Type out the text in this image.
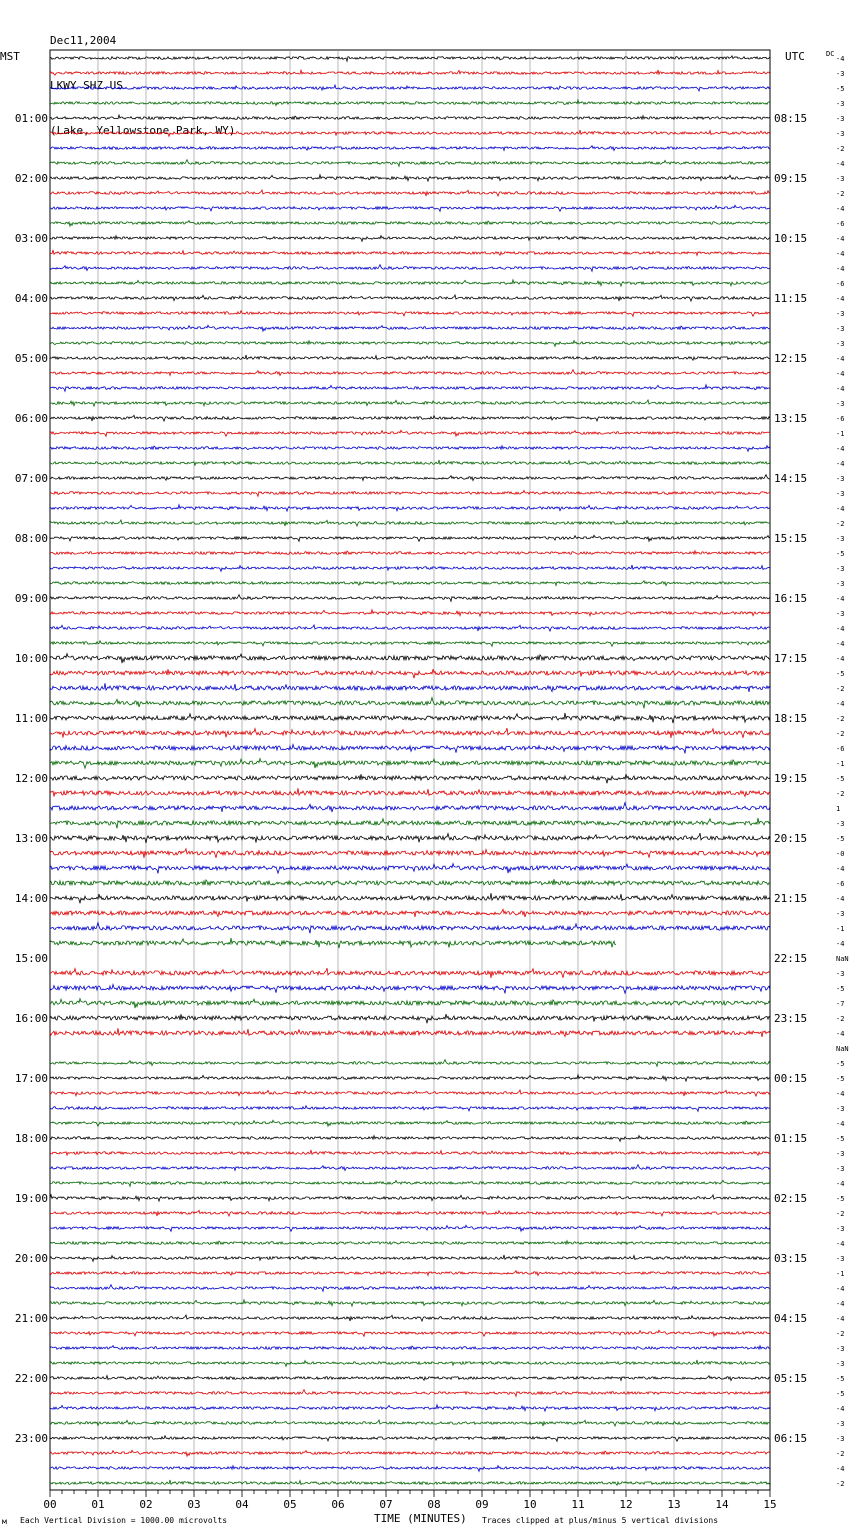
Dec11,2004

LKWY SHZ US

(Lake, Yellowstone Park, WY)

MST	UTC	DC
-4
-3
-5
-3
-3
-3
-2
-4
-3
-2
-4
-6
-4
-4
-4
-6
-4
-3
-3
-3
-4
-4
-4
-3
-6
-1
-4
-4
-3
-3
-4
-2
-3
-5
-3
-3
-4
-3
-4
-4
-4
-5
-2
-4
-2
-2
-6
-1
-5
-2
1
-3
-5
-0
-4
-6
-4
-3
-1
-4
NaN
-3
-5
-7
-2
-4
NaN
-5
-5
-4
-3
-4
-5
-3
-3
-4
-5
-2
-3
-4
-3
-1
-4
-4
-4
-2
-3
-3
-5
-5
-4
-3
-3
-2
-4
-2
01:00
02:00
03:00
04:00
05:00
06:00
07:00
08:00
09:00
10:00
11:00
12:00
13:00
14:00
15:00
16:00
17:00
18:00
19:00
20:00
21:00
22:00
23:00
08:15
09:15
10:15
11:15
12:15
13:15
14:15
15:15
16:15
17:15
18:15
19:15
20:15
21:15
22:15
23:15
00:15
01:15
02:15
03:15
04:15
05:15
06:15
00	01	02	03	04	05	06	07	08	09	10	11	12	13	14	15
м Each Vertical Division = 1000.00 microvolts	TIME (MINUTES) Traces clipped at plus/minus 5 vertical divisions
